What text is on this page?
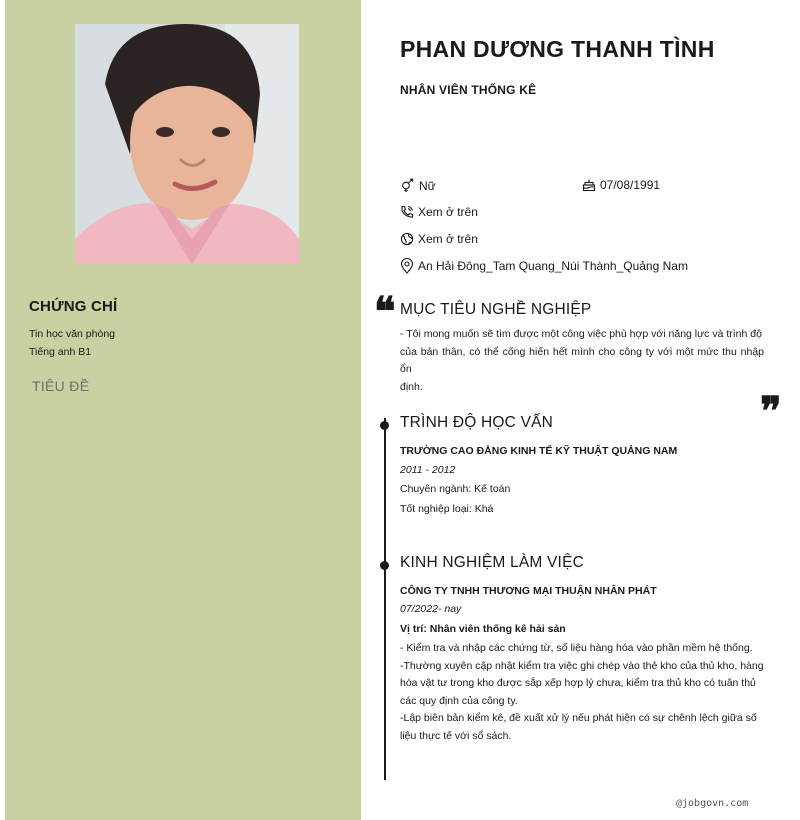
CHỨNG CHỈ
Tin học văn phòng
Tiếng anh B1
TIÊU ĐỀ
PHAN DƯƠNG THANH TÌNH
NHÂN VIÊN THỐNG KÊ
Nữ	07/08/1991
Xem ở trên
Xem ở trên
An Hải Đông_Tam Quang_Núi Thành_Quảng Nam
❝ MỤC TIÊU NGHỀ NGHIỆP
- Tôi mong muốn sẽ tìm được một công việc phù hợp với năng lực và trình độ
của bản thân, có thể cống hiến hết mình cho công ty với một mức thu nhập ổn
định.
❞
TRÌNH ĐỘ HỌC VẤN
TRƯỜNG CAO ĐẲNG KINH TẾ KỸ THUẬT QUẢNG NAM
2011 - 2012
Chuyên ngành: Kế toán
Tốt nghiệp loại: Khá
KINH NGHIỆM LÀM VIỆC
CÔNG TY TNHH THƯƠNG MẠI THUẬN NHÂN PHÁT
07/2022- nay
Vị trí: Nhân viên thống kê hải sản
- Kiểm tra và nhập các chứng từ, số liệu hàng hóa vào phần mềm hệ thống.
-Thường xuyên cập nhật kiểm tra việc ghi chép vào thẻ kho của thủ kho, hàng
hóa vật tư trong kho được sắp xếp hợp lý chưa, kiểm tra thủ kho có tuân thủ
các quy định của công ty.
-Lập biên bản kiểm kê, đề xuất xử lý nếu phát hiện có sự chênh lệch giữa số
liệu thực tế với sổ sách.
@jobgovn.com
